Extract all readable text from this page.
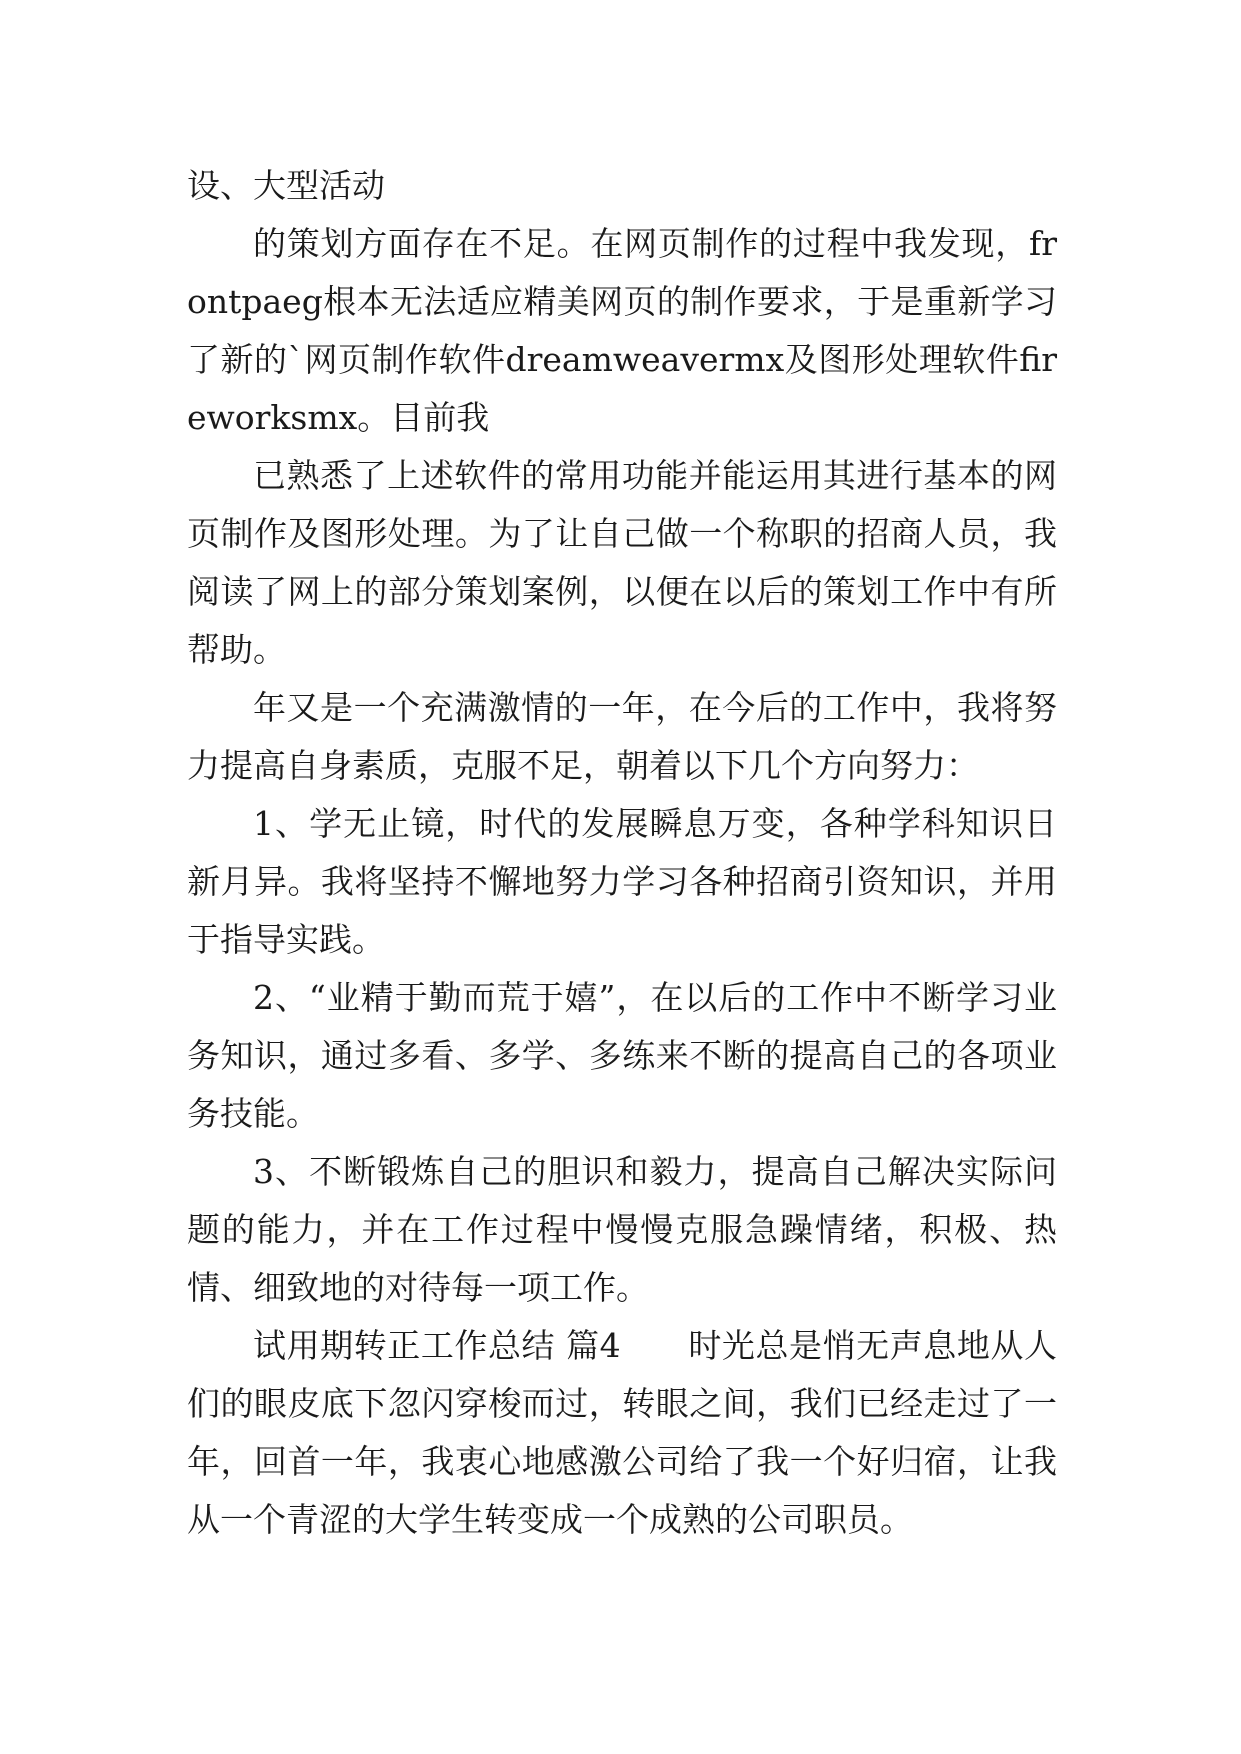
设、大型活动

的策划方面存在不足。在网页制作的过程中我发现，frontpaeg根本无法适应精美网页的制作要求，于是重新学习了新的`网页制作软件dreamweavermx及图形处理软件fireworksmx。目前我

已熟悉了上述软件的常用功能并能运用其进行基本的网页制作及图形处理。为了让自己做一个称职的招商人员，我阅读了网上的部分策划案例，以便在以后的策划工作中有所帮助。

年又是一个充满激情的一年，在今后的工作中，我将努力提高自身素质，克服不足，朝着以下几个方向努力：

1、学无止镜，时代的发展瞬息万变，各种学科知识日新月异。我将坚持不懈地努力学习各种招商引资知识，并用于指导实践。

2、“业精于勤而荒于嬉”，在以后的工作中不断学习业务知识，通过多看、多学、多练来不断的提高自己的各项业务技能。

3、不断锻炼自己的胆识和毅力，提高自己解决实际问题的能力，并在工作过程中慢慢克服急躁情绪，积极、热情、细致地的对待每一项工作。

试用期转正工作总结 篇4　　时光总是悄无声息地从人们的眼皮底下忽闪穿梭而过，转眼之间，我们已经走过了一年，回首一年，我衷心地感激公司给了我一个好归宿，让我从一个青涩的大学生转变成一个成熟的公司职员。
